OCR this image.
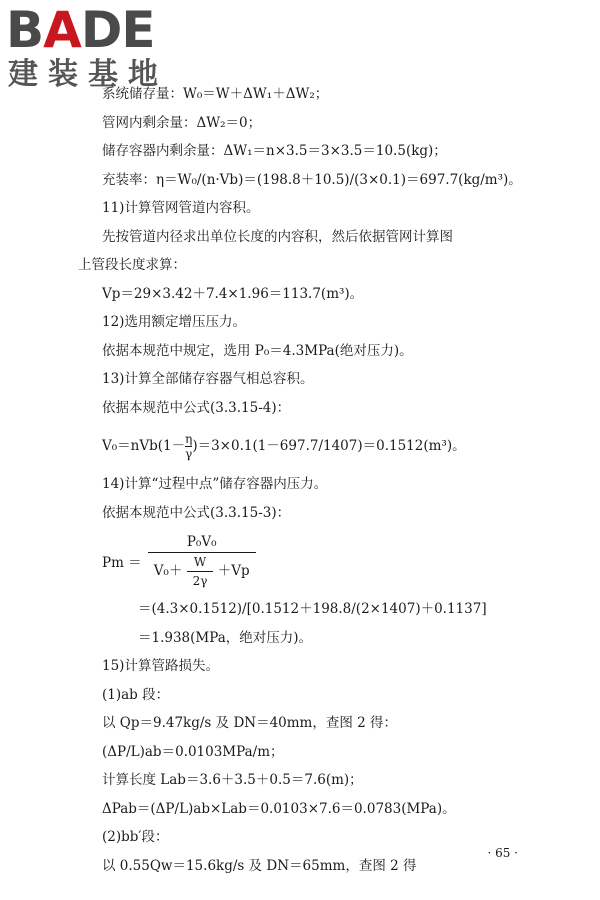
BADE
建装基地
系统储存量：W₀＝W＋ΔW₁＋ΔW₂；
管网内剩余量：ΔW₂＝0；
储存容器内剩余量：ΔW₁＝n×3.5＝3×3.5＝10.5(kg)；
充装率：η＝W₀/(n·Vb)＝(198.8＋10.5)/(3×0.1)＝697.7(kg/m³)。
11)计算管网管道内容积。
先按管道内径求出单位长度的内容积，然后依据管网计算图
上管段长度求算：
Vp＝29×3.42＋7.4×1.96＝113.7(m³)。
12)选用额定增压压力。
依据本规范中规定，选用 P₀＝4.3MPa(绝对压力)。
13)计算全部储存容器气相总容积。
依据本规范中公式(3.3.15-4)：
$V_0=nVb(1- \frac{\eta}{\gamma} )=3\times 0.1(1-697.7/1407)=0.1512(m^3)$。
14)计算“过程中点”储存容器内压力。
依据本规范中公式(3.3.15-3)：
$Pm = \frac{\text{P₀V₀}}{V_0+ \frac{W}{2\gamma} +Vp}$
＝(4.3×0.1512)/[0.1512＋198.8/(2×1407)＋0.1137]
＝1.938(MPa，绝对压力)。
15)计算管路损失。
(1)ab 段：
以 Qp＝9.47kg/s 及 DN＝40mm，查图 2 得：
(ΔP/L)ab＝0.0103MPa/m；
计算长度 Lab＝3.6＋3.5＋0.5＝7.6(m)；
ΔPab＝(ΔP/L)ab×Lab＝0.0103×7.6＝0.0783(MPa)。
(2)bb′段：
以 0.55Qw＝15.6kg/s 及 DN＝65mm，查图 2 得
· 65 ·
